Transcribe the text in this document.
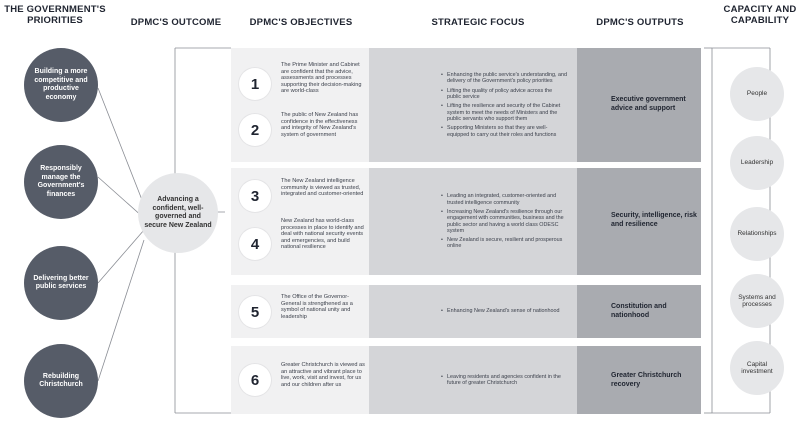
THE GOVERNMENT'S PRIORITIES	DPMC'S OUTCOME	DPMC'S OBJECTIVES	STRATEGIC FOCUS	DPMC'S OUTPUTS
CAPACITY AND CAPABILITY
Building a more competitive and productive economy
Responsibly manage the Government's finances
Delivering better public services
Rebuilding Christchurch
Advancing a confident, well-governed and secure New Zealand
1
The Prime Minister and Cabinet are confident that the advice, assessments and processes supporting their decision-making are world-class
2
The public of New Zealand has confidence in the effectiveness and integrity of New Zealand's system of government
• Enhancing the public service's understanding, and delivery of the Government's policy priorities
• Lifting the quality of policy advice across the public service
• Lifting the resilience and security of the Cabinet system to meet the needs of Ministers and the public servants who support them
• Supporting Ministers so that they are well-equipped to carry out their roles and functions
Executive government advice and support
3
The New Zealand intelligence community is viewed as trusted, integrated and customer-oriented
4
New Zealand has world-class processes in place to identify and deal with national security events and emergencies, and build national resilience
• Leading an integrated, customer-oriented and trusted intelligence community
• Increasing New Zealand's resilience through our engagement with communities, business and the public sector and having a world class ODESC system
• New Zealand is secure, resilient and prosperous online
Security, intelligence, risk and resilience
5
The Office of the Governor-General is strengthened as a symbol of national unity and leadership
• Enhancing New Zealand's sense of nationhood
Constitution and nationhood
6
Greater Christchurch is viewed as an attractive and vibrant place to live, work, visit and invest, for us and our children after us
• Leaving residents and agencies confident in the future of greater Christchurch
Greater Christchurch recovery
People
Leadership
Relationships
Systems and processes
Capital investment
